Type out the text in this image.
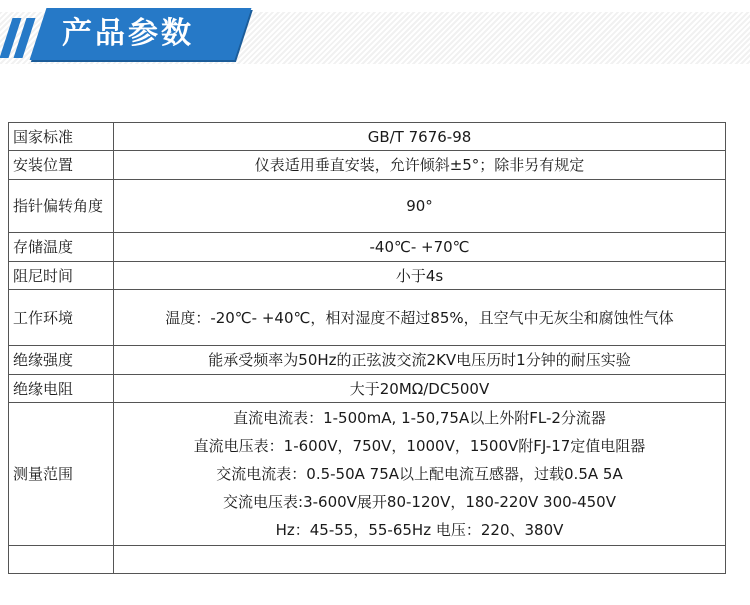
产品参数
国家标准	GB/T 7676-98
安装位置	仪表适用垂直安装，允许倾斜±5°；除非另有规定
指针偏转角度	90°
存储温度	-40℃- +70℃
阻尼时间	小于4s
工作环境	温度：-20℃- +40℃，相对湿度不超过85%，且空气中无灰尘和腐蚀性气体
绝缘强度	能承受频率为50Hz的正弦波交流2KV电压历时1分钟的耐压实验
绝缘电阻	大于20MΩ/DC500V
测量范围	直流电流表：1-500mA, 1-50,75A以上外附FL-2分流器
直流电压表：1-600V，750V，1000V，1500V附FJ-17定值电阻器
交流电流表：0.5-50A 75A以上配电流互感器，过载0.5A 5A
交流电压表:3-600V展开80-120V，180-220V 300-450V
Hz：45-55，55-65Hz 电压：220、380V
